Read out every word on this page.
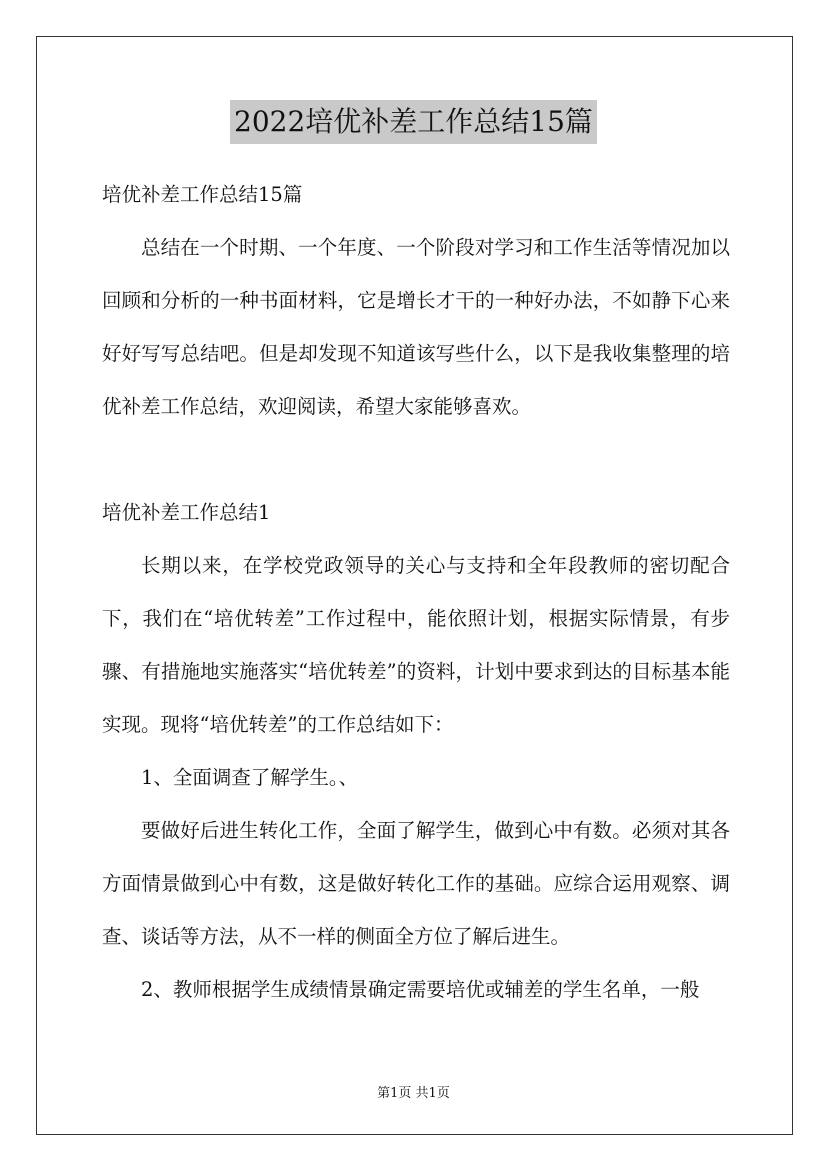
2022培优补差工作总结15篇

培优补差工作总结15篇

总结在一个时期、一个年度、一个阶段对学习和工作生活等情况加以回顾和分析的一种书面材料，它是增长才干的一种好办法，不如静下心来好好写写总结吧。但是却发现不知道该写些什么，以下是我收集整理的培优补差工作总结，欢迎阅读，希望大家能够喜欢。

培优补差工作总结1

长期以来，在学校党政领导的关心与支持和全年段教师的密切配合下，我们在“培优转差”工作过程中，能依照计划，根据实际情景，有步骤、有措施地实施落实“培优转差”的资料，计划中要求到达的目标基本能实现。现将“培优转差”的工作总结如下：

1、全面调查了解学生。、

要做好后进生转化工作，全面了解学生，做到心中有数。必须对其各方面情景做到心中有数，这是做好转化工作的基础。应综合运用观察、调查、谈话等方法，从不一样的侧面全方位了解后进生。

2、教师根据学生成绩情景确定需要培优或辅差的学生名单，一般

第1页 共1页
